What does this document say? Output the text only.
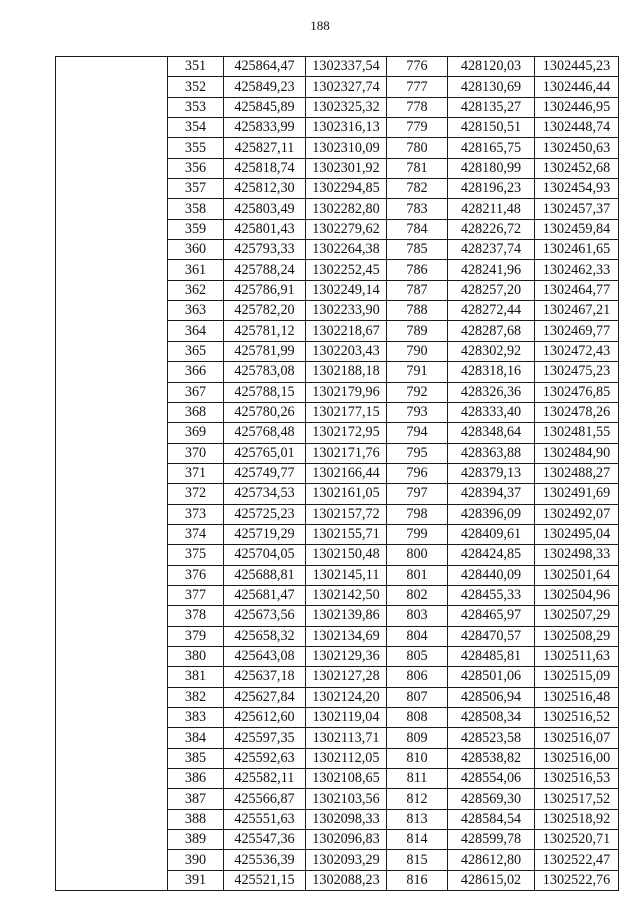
188
	351	425864,47	1302337,54	776	428120,03	1302445,23
	352	425849,23	1302327,74	777	428130,69	1302446,44
	353	425845,89	1302325,32	778	428135,27	1302446,95
	354	425833,99	1302316,13	779	428150,51	1302448,74
	355	425827,11	1302310,09	780	428165,75	1302450,63
	356	425818,74	1302301,92	781	428180,99	1302452,68
	357	425812,30	1302294,85	782	428196,23	1302454,93
	358	425803,49	1302282,80	783	428211,48	1302457,37
	359	425801,43	1302279,62	784	428226,72	1302459,84
	360	425793,33	1302264,38	785	428237,74	1302461,65
	361	425788,24	1302252,45	786	428241,96	1302462,33
	362	425786,91	1302249,14	787	428257,20	1302464,77
	363	425782,20	1302233,90	788	428272,44	1302467,21
	364	425781,12	1302218,67	789	428287,68	1302469,77
	365	425781,99	1302203,43	790	428302,92	1302472,43
	366	425783,08	1302188,18	791	428318,16	1302475,23
	367	425788,15	1302179,96	792	428326,36	1302476,85
	368	425780,26	1302177,15	793	428333,40	1302478,26
	369	425768,48	1302172,95	794	428348,64	1302481,55
	370	425765,01	1302171,76	795	428363,88	1302484,90
	371	425749,77	1302166,44	796	428379,13	1302488,27
	372	425734,53	1302161,05	797	428394,37	1302491,69
	373	425725,23	1302157,72	798	428396,09	1302492,07
	374	425719,29	1302155,71	799	428409,61	1302495,04
	375	425704,05	1302150,48	800	428424,85	1302498,33
	376	425688,81	1302145,11	801	428440,09	1302501,64
	377	425681,47	1302142,50	802	428455,33	1302504,96
	378	425673,56	1302139,86	803	428465,97	1302507,29
	379	425658,32	1302134,69	804	428470,57	1302508,29
	380	425643,08	1302129,36	805	428485,81	1302511,63
	381	425637,18	1302127,28	806	428501,06	1302515,09
	382	425627,84	1302124,20	807	428506,94	1302516,48
	383	425612,60	1302119,04	808	428508,34	1302516,52
	384	425597,35	1302113,71	809	428523,58	1302516,07
	385	425592,63	1302112,05	810	428538,82	1302516,00
	386	425582,11	1302108,65	811	428554,06	1302516,53
	387	425566,87	1302103,56	812	428569,30	1302517,52
	388	425551,63	1302098,33	813	428584,54	1302518,92
	389	425547,36	1302096,83	814	428599,78	1302520,71
	390	425536,39	1302093,29	815	428612,80	1302522,47
	391	425521,15	1302088,23	816	428615,02	1302522,76
